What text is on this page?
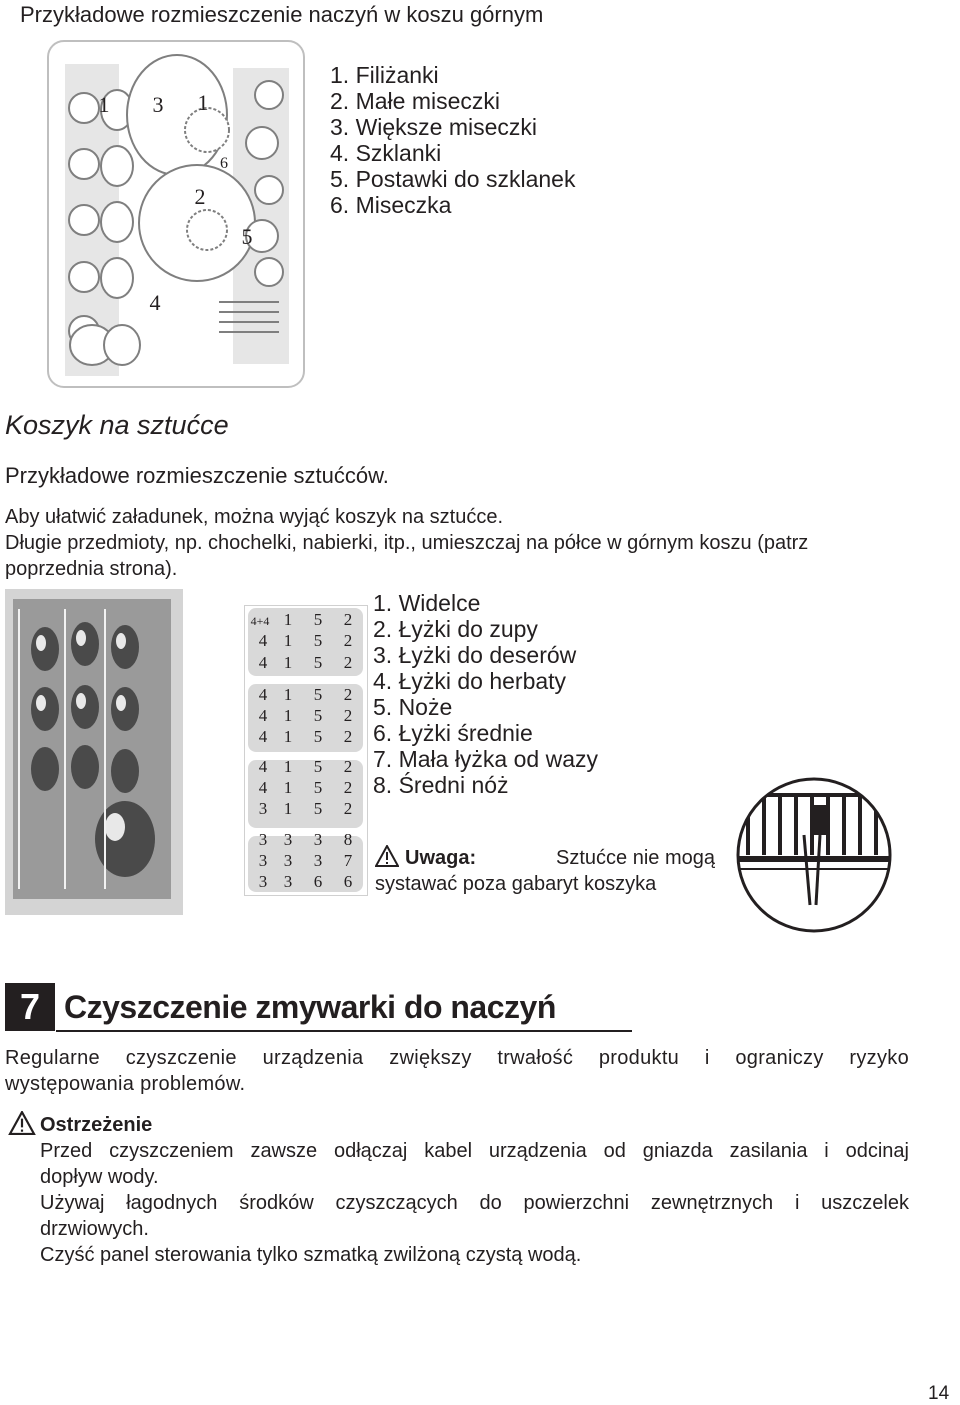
Przykładowe rozmieszczenie naczyń w koszu górnym
1 3 1
6
2
5
4
1. Filiżanki
2. Małe miseczki
3. Większe miseczki
4. Szklanki
5. Postawki do szklanek
6. Miseczka
Koszyk na sztućce
Przykładowe rozmieszczenie sztućców.
Aby ułatwić załadunek, można wyjąć koszyk na sztućce.
Długie przedmioty, np. chochelki, nabierki, itp., umieszczaj na półce w górnym koszu (patrz
poprzednia strona).
4+4 1	5	2
4 1	5	2
4 1	5	2
4 1	5	2
4 1	5	2
4 1	5	2
4 1	5	2
4 1	5	2
3 1	5	2
3 3	3	8
3 3	3	7
3 3	6	6
1. Widelce
2. Łyżki do zupy
3. Łyżki do deserów
4. Łyżki do herbaty
5. Noże
6. Łyżki średnie
7. Mała łyżka od wazy
8. Średni nóż
Uwaga:	Sztućce nie mogą
systawać poza gabaryt koszyka
7 Czyszczenie zmywarki do naczyń
Regularne czyszczenie urządzenia zwiększy trwałość produktu i ograniczy ryzyko
występowania problemów.
Ostrzeżenie
Przed czyszczeniem zawsze odłączaj kabel urządzenia od gniazda zasilania i odcinaj
dopływ wody.
Używaj łagodnych środków czyszczących do powierzchni zewnętrznych i uszczelek
drzwiowych.
Czyść panel sterowania tylko szmatką zwilżoną czystą wodą.
14
